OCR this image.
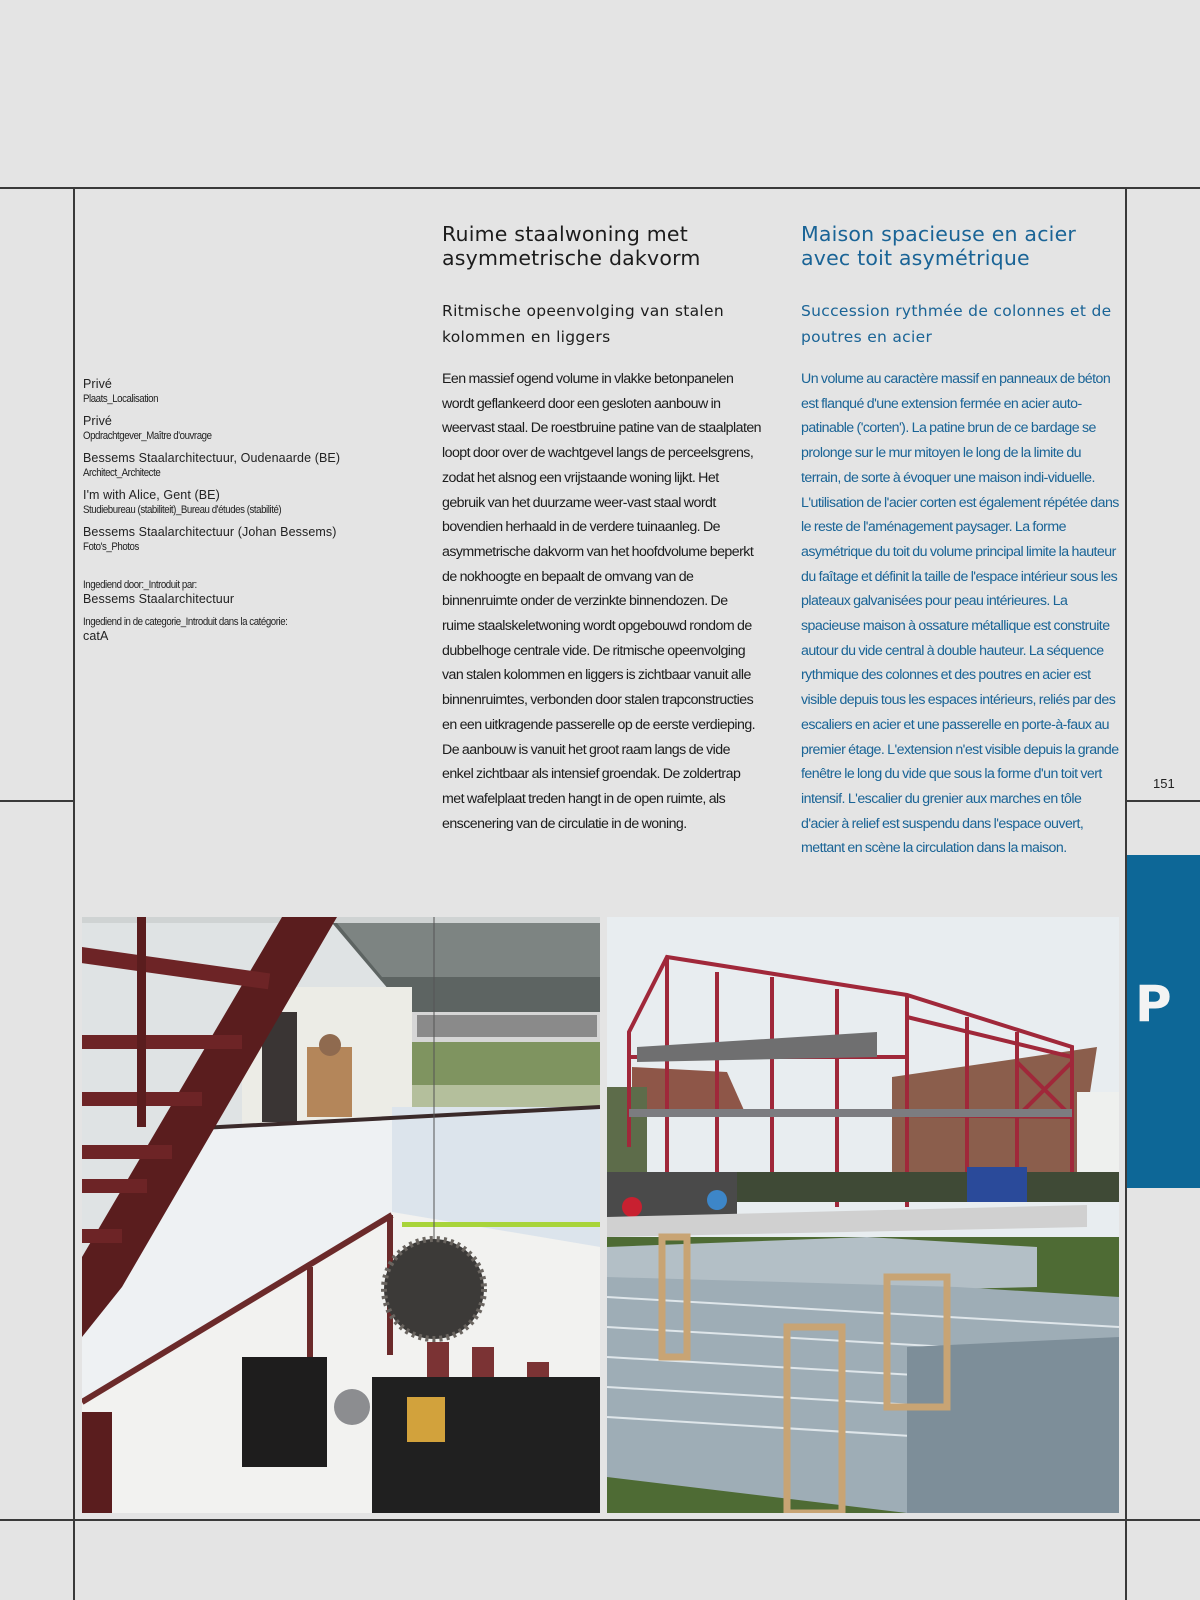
Privé
Plaats_Localisation
Privé
Opdrachtgever_Maître d'ouvrage
Bessems Staalarchitectuur, Oudenaarde (BE)
Architect_Architecte
I'm with Alice, Gent (BE)
Studiebureau (stabiliteit)_Bureau d'études (stabilité)
Bessems Staalarchitectuur (Johan Bessems)
Foto's_Photos
Ingediend door:_Introduit par:
Bessems Staalarchitectuur
Ingediend in de categorie_Introduit dans la catégorie:
catA
Ruime staalwoning met asymmetrische dakvorm
Ritmische opeenvolging van stalen kolommen en liggers

Een massief ogend volume in vlakke betonpanelen wordt geflankeerd door een gesloten aanbouw in weervast staal. De roestbruine patine van de staalplaten loopt door over de wachtgevel langs de perceelsgrens, zodat het alsnog een vrijstaande woning lijkt. Het gebruik van het duurzame weer-vast staal wordt bovendien herhaald in de verdere tuinaanleg. De asymmetrische dakvorm van het hoofdvolume beperkt de nokhoogte en bepaalt de omvang van de binnenruimte onder de verzinkte binnendozen. De ruime staalskeletwoning wordt opgebouwd rondom de dubbelhoge centrale vide. De ritmische opeenvolging van stalen kolommen en liggers is zichtbaar vanuit alle binnenruimtes, verbonden door stalen trapconstructies en een uitkragende passerelle op de eerste verdieping. De aanbouw is vanuit het groot raam langs de vide enkel zichtbaar als intensief groendak. De zoldertrap met wafelplaat treden hangt in de open ruimte, als enscenering van de circulatie in de woning.

Maison spacieuse en acier avec toit asymétrique
Succession rythmée de colonnes et de poutres en acier

Un volume au caractère massif en panneaux de béton est flanqué d'une extension fermée en acier auto-patinable ('corten'). La patine brun de ce bardage se prolonge sur le mur mitoyen le long de la limite du terrain, de sorte à évoquer une maison indi-viduelle. L'utilisation de l'acier corten est également répétée dans le reste de l'aménagement paysager. La forme asymétrique du toit du volume principal limite la hauteur du faîtage et définit la taille de l'espace intérieur sous les plateaux galvanisées pour peau intérieures. La spacieuse maison à ossature métallique est construite autour du vide central à double hauteur. La séquence rythmique des colonnes et des poutres en acier est visible depuis tous les espaces intérieurs, reliés par des escaliers en acier et une passerelle en porte-à-faux au premier étage. L'extension n'est visible depuis la grande fenêtre le long du vide que sous la forme d'un toit vert intensif. L'escalier du grenier aux marches en tôle d'acier à relief est suspendu dans l'espace ouvert, mettant en scène la circulation dans la maison.

151
P
